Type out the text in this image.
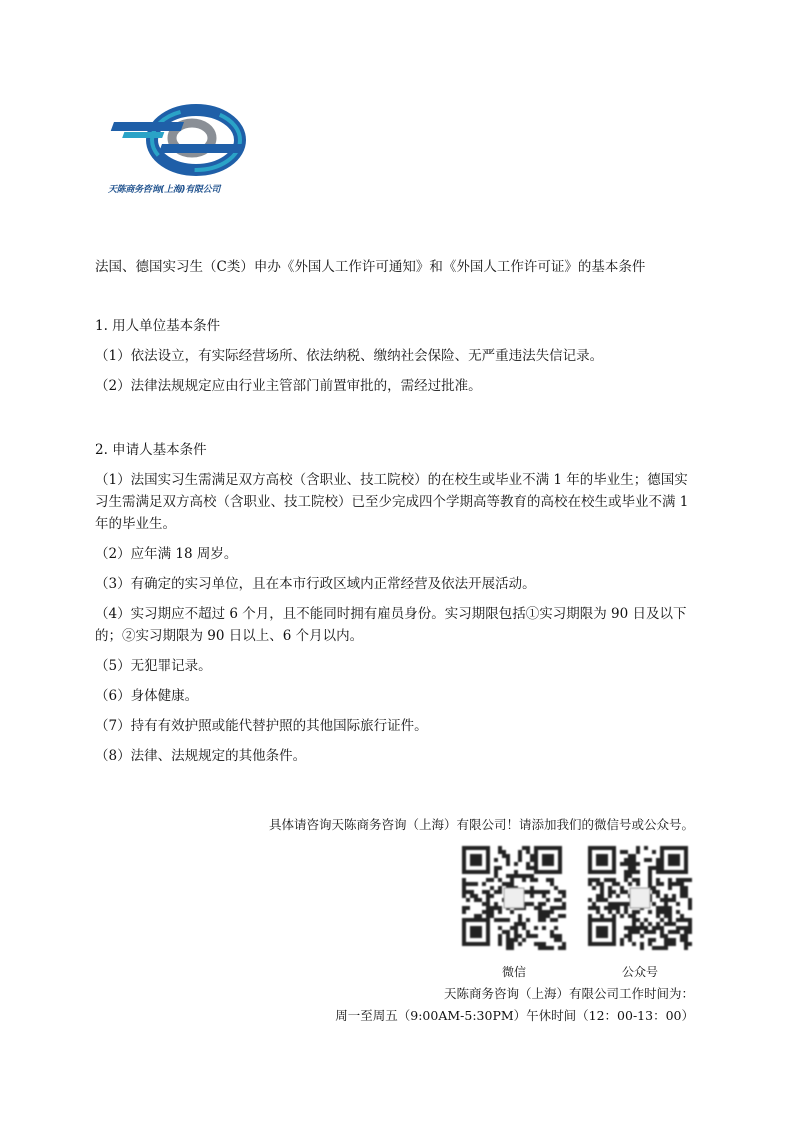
天陈商务咨询(上海)有限公司
法国、德国实习生（C类）申办《外国人工作许可通知》和《外国人工作许可证》的基本条件

1. 用人单位基本条件

（1）依法设立，有实际经营场所、依法纳税、缴纳社会保险、无严重违法失信记录。

（2）法律法规规定应由行业主管部门前置审批的，需经过批准。

2. 申请人基本条件

（1）法国实习生需满足双方高校（含职业、技工院校）的在校生或毕业不满 1 年的毕业生；德国实习生需满足双方高校（含职业、技工院校）已至少完成四个学期高等教育的高校在校生或毕业不满 1 年的毕业生。

（2）应年满 18 周岁。

（3）有确定的实习单位，且在本市行政区域内正常经营及依法开展活动。

（4）实习期应不超过 6 个月，且不能同时拥有雇员身份。实习期限包括①实习期限为 90 日及以下的；②实习期限为 90 日以上、6 个月以内。

（5）无犯罪记录。

（6）身体健康。

（7）持有有效护照或能代替护照的其他国际旅行证件。

（8）法律、法规规定的其他条件。

具体请咨询天陈商务咨询（上海）有限公司！请添加我们的微信号或公众号。
微信	公众号
天陈商务咨询（上海）有限公司工作时间为：
周一至周五（9:00AM-5:30PM）午休时间（12：00-13：00）
